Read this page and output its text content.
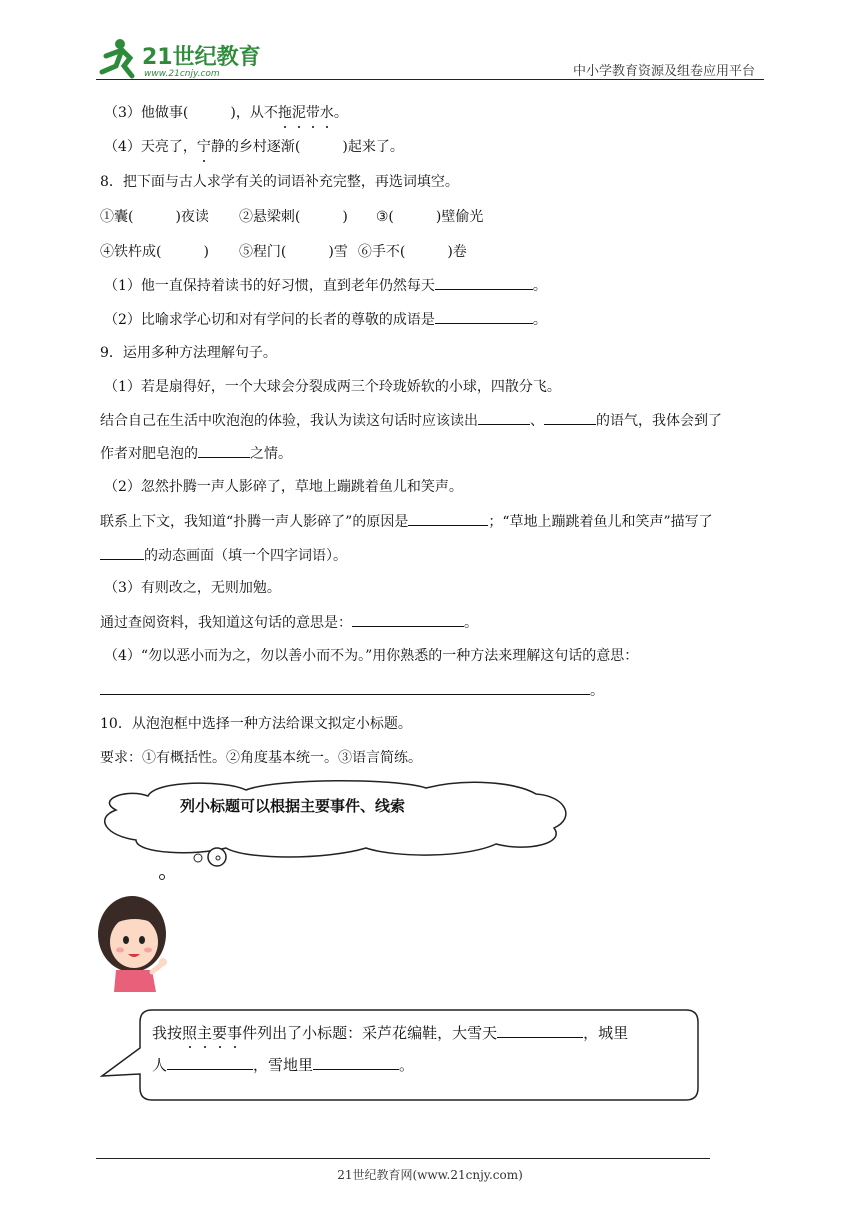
21世纪教育
www.21cnjy.com	中小学教育资源及组卷应用平台
（3）他做事(	)，从不拖泥带水。
（4）天亮了，宁静的乡村逐渐(	)起来了。
8．把下面与古人求学有关的词语补充完整，再选词填空。
①囊(	)夜读 ②悬梁刺(	) ③(	)壁偷光
④铁杵成(	) ⑤程门(	)雪 ⑥手不(	)卷
（1）他一直保持着读书的好习惯，直到老年仍然每天	。
（2）比喻求学心切和对有学问的长者的尊敬的成语是	。
9．运用多种方法理解句子。
（1）若是扇得好，一个大球会分裂成两三个玲珑娇软的小球，四散分飞。
结合自己在生活中吹泡泡的体验，我认为读这句话时应该读出	、	的语气，我体会到了
作者对肥皂泡的	之情。
（2）忽然扑腾一声人影碎了，草地上蹦跳着鱼儿和笑声。
联系上下文，我知道“扑腾一声人影碎了”的原因是	；“草地上蹦跳着鱼儿和笑声”描写了
的动态画面（填一个四字词语）。
（3）有则改之，无则加勉。
通过查阅资料，我知道这句话的意思是：	。
（4）“勿以恶小而为之，勿以善小而不为。”用你熟悉的一种方法来理解这句话的意思：
。
10．从泡泡框中选择一种方法给课文拟定小标题。
要求：①有概括性。②角度基本统一。③语言简练。
列小标题可以根据主要事件、线索
我按照主要事件列出了小标题：采芦花编鞋，大雪天	，城里
人	，雪地里	。
21世纪教育网(www.21cnjy.com)
